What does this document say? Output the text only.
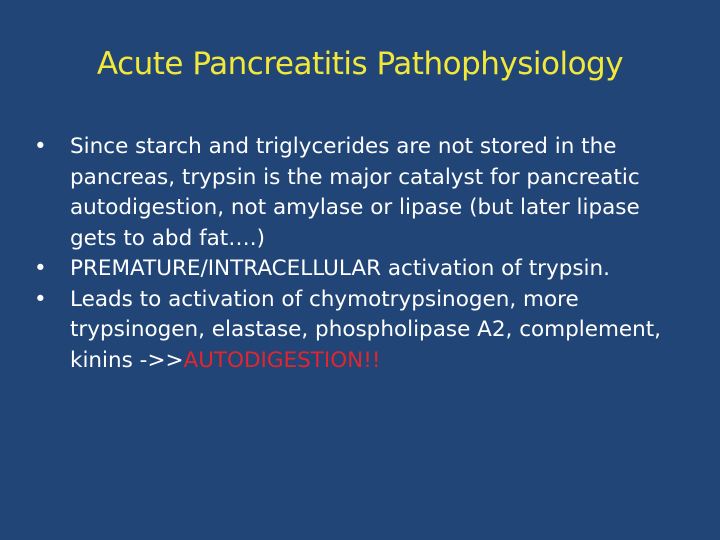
Acute Pancreatitis Pathophysiology
•	Since starch and triglycerides are not stored in the pancreas, trypsin is the major catalyst for pancreatic autodigestion, not amylase or lipase (but later lipase gets to abd fat….)
•	PREMATURE/INTRACELLULAR activation of trypsin.
•	Leads to activation of chymotrypsinogen, more trypsinogen, elastase, phospholipase A2, complement, kinins ->>AUTODIGESTION!!
